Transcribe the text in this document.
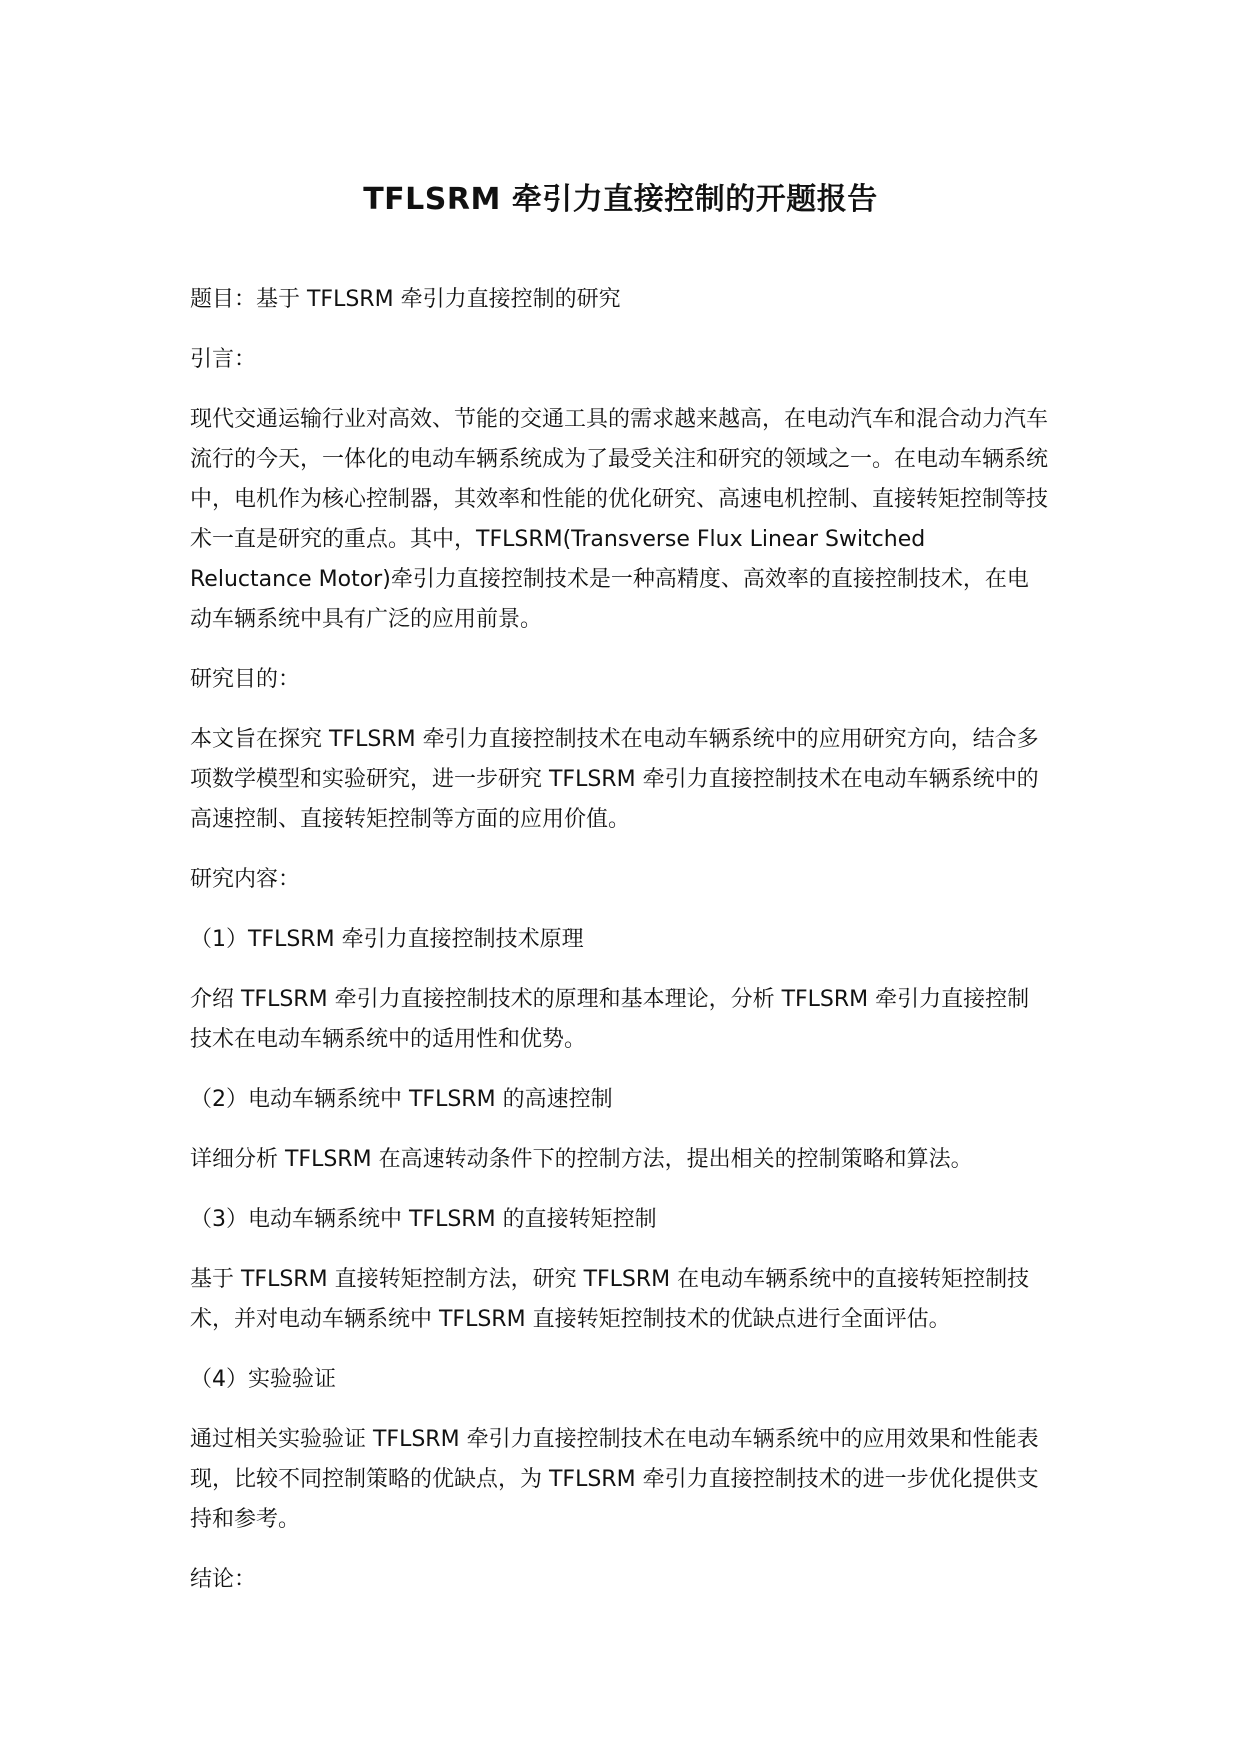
TFLSRM 牵引力直接控制的开题报告

题目：基于 TFLSRM 牵引力直接控制的研究

引言：

现代交通运输行业对高效、节能的交通工具的需求越来越高，在电动汽车和混合动力汽车流行的今天，一体化的电动车辆系统成为了最受关注和研究的领域之一。在电动车辆系统中，电机作为核心控制器，其效率和性能的优化研究、高速电机控制、直接转矩控制等技术一直是研究的重点。其中，TFLSRM(Transverse Flux Linear Switched Reluctance Motor)牵引力直接控制技术是一种高精度、高效率的直接控制技术，在电动车辆系统中具有广泛的应用前景。

研究目的：

本文旨在探究 TFLSRM 牵引力直接控制技术在电动车辆系统中的应用研究方向，结合多项数学模型和实验研究，进一步研究 TFLSRM 牵引力直接控制技术在电动车辆系统中的高速控制、直接转矩控制等方面的应用价值。

研究内容：

（1）TFLSRM 牵引力直接控制技术原理

介绍 TFLSRM 牵引力直接控制技术的原理和基本理论，分析 TFLSRM 牵引力直接控制技术在电动车辆系统中的适用性和优势。

（2）电动车辆系统中 TFLSRM 的高速控制

详细分析 TFLSRM 在高速转动条件下的控制方法，提出相关的控制策略和算法。

（3）电动车辆系统中 TFLSRM 的直接转矩控制

基于 TFLSRM 直接转矩控制方法，研究 TFLSRM 在电动车辆系统中的直接转矩控制技术，并对电动车辆系统中 TFLSRM 直接转矩控制技术的优缺点进行全面评估。

（4）实验验证

通过相关实验验证 TFLSRM 牵引力直接控制技术在电动车辆系统中的应用效果和性能表现，比较不同控制策略的优缺点，为 TFLSRM 牵引力直接控制技术的进一步优化提供支持和参考。

结论：
